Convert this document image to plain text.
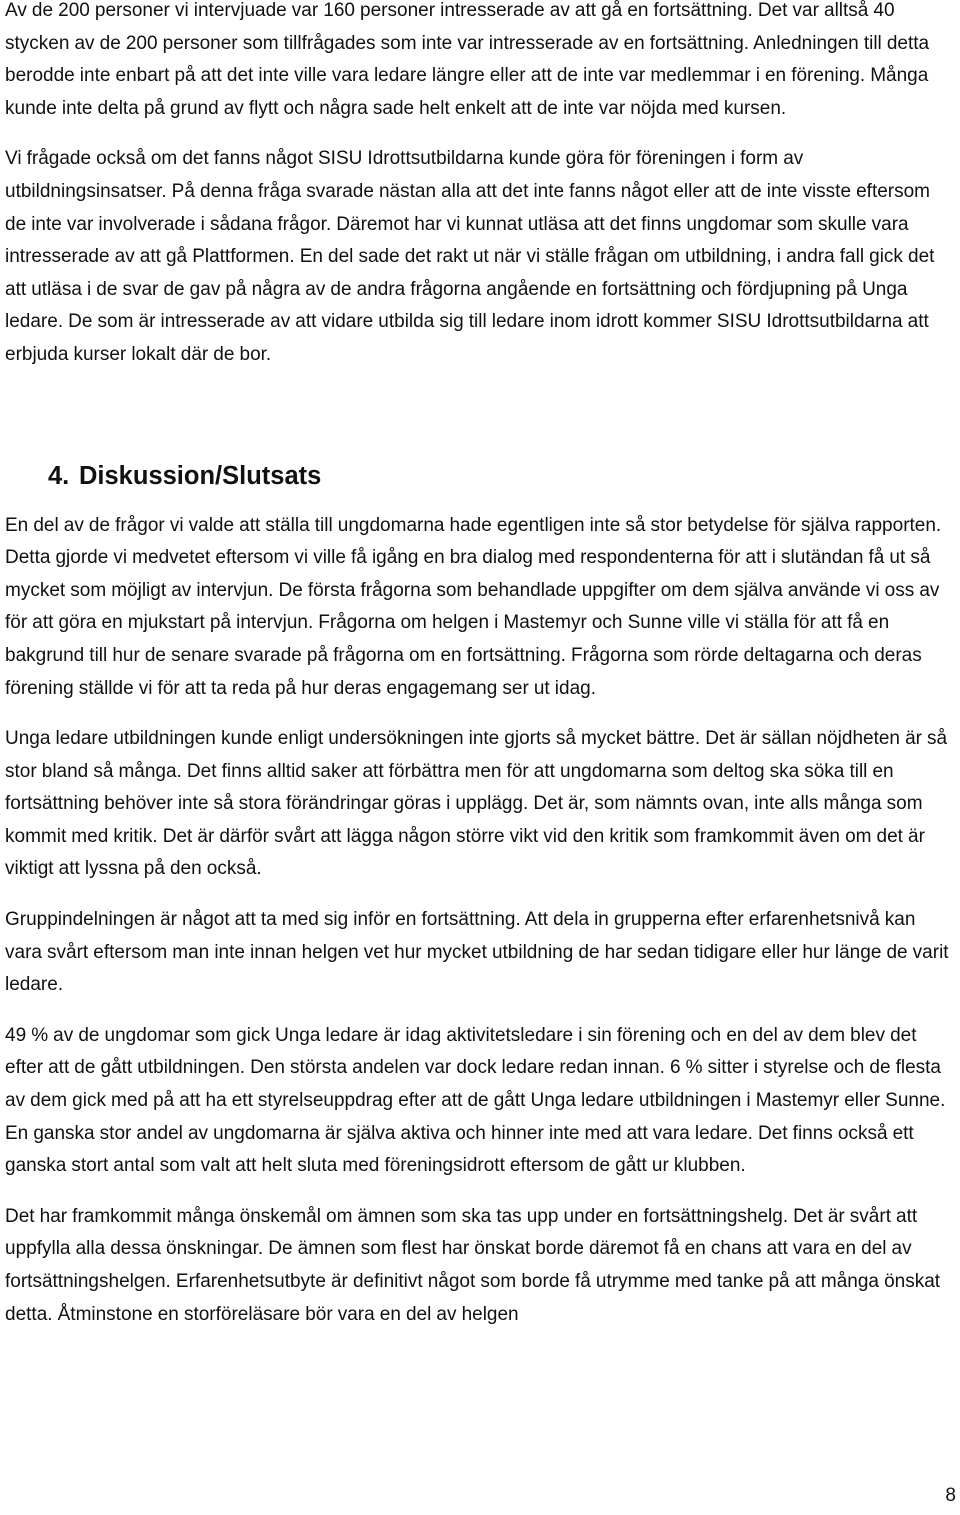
Av de 200 personer vi intervjuade var 160 personer intresserade av att gå en fortsättning. Det var alltså 40 stycken av de 200 personer som tillfrågades som inte var intresserade av en fortsättning. Anledningen till detta berodde inte enbart på att det inte ville vara ledare längre eller att de inte var medlemmar i en förening. Många kunde inte delta på grund av flytt och några sade helt enkelt att de inte var nöjda med kursen.

Vi frågade också om det fanns något SISU Idrottsutbildarna kunde göra för föreningen i form av utbildningsinsatser. På denna fråga svarade nästan alla att det inte fanns något eller att de inte visste eftersom de inte var involverade i sådana frågor. Däremot har vi kunnat utläsa att det finns ungdomar som skulle vara intresserade av att gå Plattformen. En del sade det rakt ut när vi ställe frågan om utbildning, i andra fall gick det att utläsa i de svar de gav på några av de andra frågorna angående en fortsättning och fördjupning på Unga ledare. De som är intresserade av att vidare utbilda sig till ledare inom idrott kommer SISU Idrottsutbildarna att erbjuda kurser lokalt där de bor.

4. Diskussion/Slutsats

En del av de frågor vi valde att ställa till ungdomarna hade egentligen inte så stor betydelse för själva rapporten. Detta gjorde vi medvetet eftersom vi ville få igång en bra dialog med respondenterna för att i slutändan få ut så mycket som möjligt av intervjun. De första frågorna som behandlade uppgifter om dem själva använde vi oss av för att göra en mjukstart på intervjun. Frågorna om helgen i Mastemyr och Sunne ville vi ställa för att få en bakgrund till hur de senare svarade på frågorna om en fortsättning. Frågorna som rörde deltagarna och deras förening ställde vi för att ta reda på hur deras engagemang ser ut idag.

Unga ledare utbildningen kunde enligt undersökningen inte gjorts så mycket bättre. Det är sällan nöjdheten är så stor bland så många. Det finns alltid saker att förbättra men för att ungdomarna som deltog ska söka till en fortsättning behöver inte så stora förändringar göras i upplägg. Det är, som nämnts ovan, inte alls många som kommit med kritik. Det är därför svårt att lägga någon större vikt vid den kritik som framkommit även om det är viktigt att lyssna på den också.

Gruppindelningen är något att ta med sig inför en fortsättning. Att dela in grupperna efter erfarenhetsnivå kan vara svårt eftersom man inte innan helgen vet hur mycket utbildning de har sedan tidigare eller hur länge de varit ledare.

49 % av de ungdomar som gick Unga ledare är idag aktivitetsledare i sin förening och en del av dem blev det efter att de gått utbildningen. Den största andelen var dock ledare redan innan. 6 % sitter i styrelse och de flesta av dem gick med på att ha ett styrelseuppdrag efter att de gått Unga ledare utbildningen i Mastemyr eller Sunne. En ganska stor andel av ungdomarna är själva aktiva och hinner inte med att vara ledare. Det finns också ett ganska stort antal som valt att helt sluta med föreningsidrott eftersom de gått ur klubben.

Det har framkommit många önskemål om ämnen som ska tas upp under en fortsättningshelg. Det är svårt att uppfylla alla dessa önskningar. De ämnen som flest har önskat borde däremot få en chans att vara en del av fortsättningshelgen. Erfarenhetsutbyte är definitivt något som borde få utrymme med tanke på att många önskat detta. Åtminstone en storföreläsare bör vara en del av helgen

8
